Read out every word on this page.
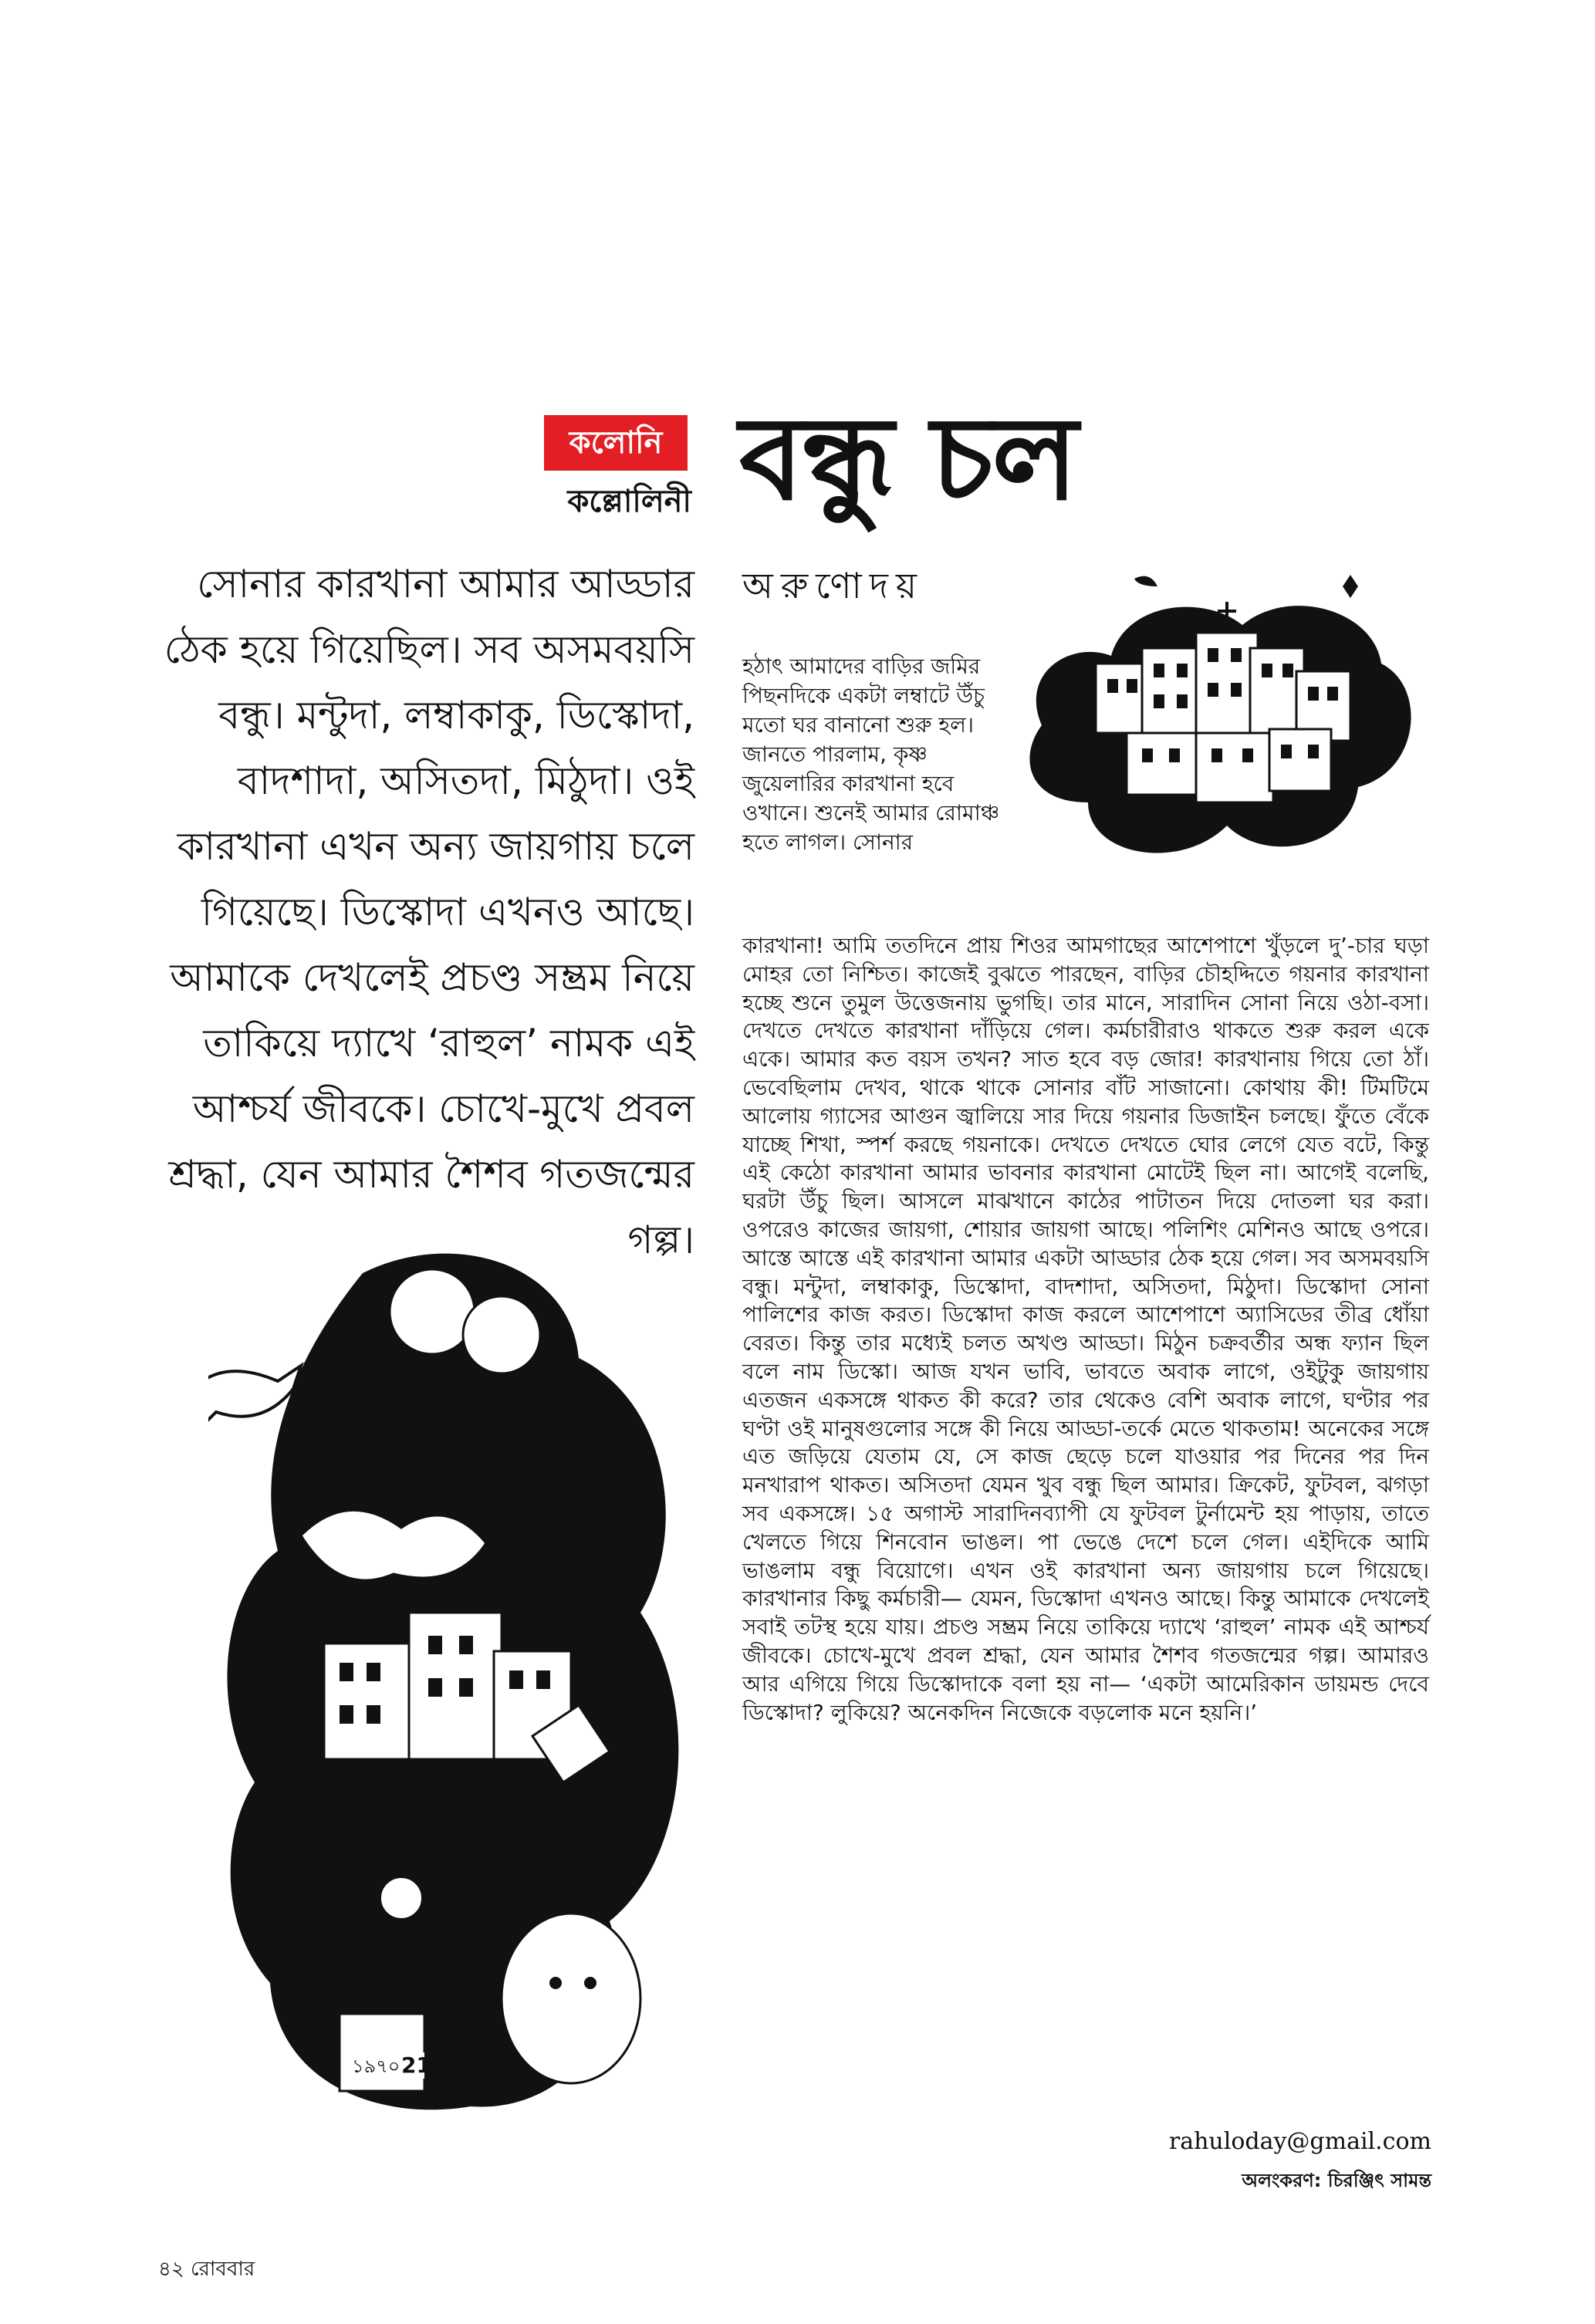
কলোনি
কল্লোলিনী বন্ধু চল
সোনার কারখানা আমার আড্ডার ঠেক হয়ে গিয়েছিল। সব অসমবয়সি বন্ধু। মন্টুদা, লম্বাকাকু, ডিস্কোদা, বাদশাদা, অসিতদা, মিঠুদা। ওই কারখানা এখন অন্য জায়গায় চলে গিয়েছে। ডিস্কোদা এখনও আছে। আমাকে দেখলেই প্রচণ্ড সম্ভ্রম নিয়ে তাকিয়ে দ্যাখে ‘রাহুল’ নামক এই আশ্চর্য জীবকে। চোখে-মুখে প্রবল শ্রদ্ধা, যেন আমার শৈশব গতজন্মের গল্প।
অরুণোদয়
হঠাৎ আমাদের বাড়ির জমির পিছনদিকে একটা লম্বাটে উঁচু মতো ঘর বানানো শুরু হল। জানতে পারলাম, কৃষ্ণ জুয়েলারির কারখানা হবে ওখানে। শুনেই আমার রোমাঞ্চ হতে লাগল। সোনার
কারখানা! আমি ততদিনে প্রায় শিওর আমগাছের আশেপাশে খুঁড়লে দু’-চার ঘড়া মোহর তো নিশ্চিত। কাজেই বুঝতে পারছেন, বাড়ির চৌহদ্দিতে গয়নার কারখানা হচ্ছে শুনে তুমুল উত্তেজনায় ভুগছি। তার মানে, সারাদিন সোনা নিয়ে ওঠা-বসা। দেখতে দেখতে কারখানা দাঁড়িয়ে গেল। কর্মচারীরাও থাকতে শুরু করল একে একে। আমার কত বয়স তখন? সাত হবে বড় জোর! কারখানায় গিয়ে তো ঠাঁ। ভেবেছিলাম দেখব, থাকে থাকে সোনার বাঁট সাজানো। কোথায় কী! টিমটিমে আলোয় গ্যাসের আগুন জ্বালিয়ে সার দিয়ে গয়নার ডিজাইন চলছে। ফুঁতে বেঁকে যাচ্ছে শিখা, স্পর্শ করছে গয়নাকে। দেখতে দেখতে ঘোর লেগে যেত বটে, কিন্তু এই কেঠো কারখানা আমার ভাবনার কারখানা মোটেই ছিল না। আগেই বলেছি, ঘরটা উঁচু ছিল। আসলে মাঝখানে কাঠের পাটাতন দিয়ে দোতলা ঘর করা। ওপরেও কাজের জায়গা, শোয়ার জায়গা আছে। পলিশিং মেশিনও আছে ওপরে। আস্তে আস্তে এই কারখানা আমার একটা আড্ডার ঠেক হয়ে গেল। সব অসমবয়সি বন্ধু। মন্টুদা, লম্বাকাকু, ডিস্কোদা, বাদশাদা, অসিতদা, মিঠুদা। ডিস্কোদা সোনা পালিশের কাজ করত। ডিস্কোদা কাজ করলে আশেপাশে অ্যাসিডের তীব্র ধোঁয়া বেরত। কিন্তু তার মধ্যেই চলত অখণ্ড আড্ডা। মিঠুন চক্রবর্তীর অন্ধ ফ্যান ছিল বলে নাম ডিস্কো। আজ যখন ভাবি, ভাবতে অবাক লাগে, ওইটুকু জায়গায় এতজন একসঙ্গে থাকত কী করে? তার থেকেও বেশি অবাক লাগে, ঘণ্টার পর ঘণ্টা ওই মানুষগুলোর সঙ্গে কী নিয়ে আড্ডা-তর্কে মেতে থাকতাম! অনেকের সঙ্গে এত জড়িয়ে যেতাম যে, সে কাজ ছেড়ে চলে যাওয়ার পর দিনের পর দিন মনখারাপ থাকত। অসিতদা যেমন খুব বন্ধু ছিল আমার। ক্রিকেট, ফুটবল, ঝগড়া সব একসঙ্গে। ১৫ অগাস্ট সারাদিনব্যাপী যে ফুটবল টুর্নামেন্ট হয় পাড়ায়, তাতে খেলতে গিয়ে শিনবোন ভাঙল। পা ভেঙে দেশে চলে গেল। এইদিকে আমি ভাঙলাম বন্ধু বিয়োগে। এখন ওই কারখানা অন্য জায়গায় চলে গিয়েছে। কারখানার কিছু কর্মচারী— যেমন, ডিস্কোদা এখনও আছে। কিন্তু আমাকে দেখলেই সবাই তটস্থ হয়ে যায়। প্রচণ্ড সম্ভ্রম নিয়ে তাকিয়ে দ্যাখে ‘রাহুল’ নামক এই আশ্চর্য জীবকে। চোখে-মুখে প্রবল শ্রদ্ধা, যেন আমার শৈশব গতজন্মের গল্প। আমারও আর এগিয়ে গিয়ে ডিস্কোদাকে বলা হয় না— ‘একটা আমেরিকান ডায়মন্ড দেবে ডিস্কোদা? লুকিয়ে? অনেকদিন নিজেকে বড়লোক মনে হয়নি।’
১৯৭০ 21
rahuloday@gmail.com
অলংকরণ: চিরঞ্জিৎ সামন্ত
৪২ রোববার
